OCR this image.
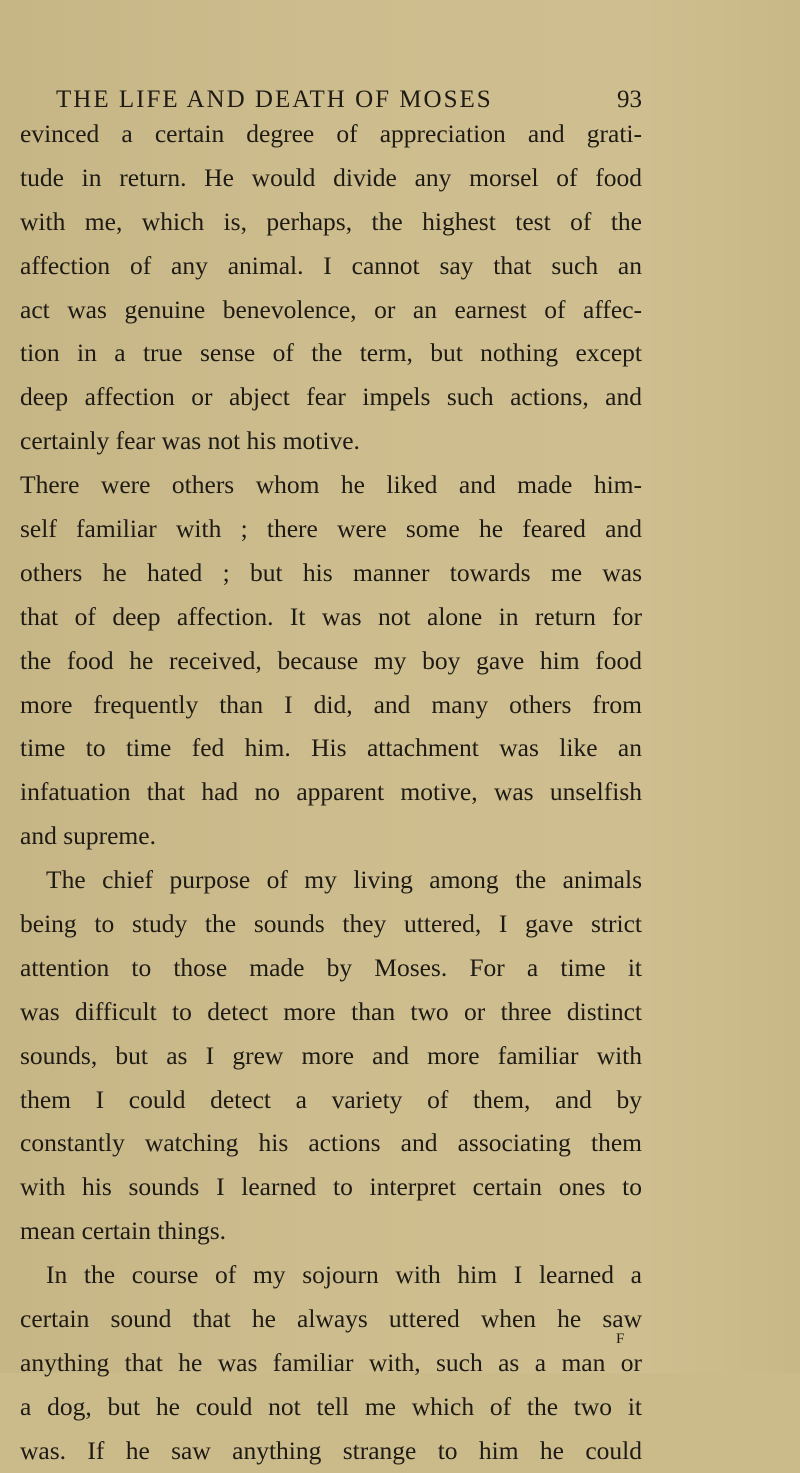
THE LIFE AND DEATH OF MOSES	93
evinced a certain degree of appreciation and grati-
tude in return. He would divide any morsel of food
with me, which is, perhaps, the highest test of the
affection of any animal. I cannot say that such an
act was genuine benevolence, or an earnest of affec-
tion in a true sense of the term, but nothing except
deep affection or abject fear impels such actions, and
certainly fear was not his motive.
There were others whom he liked and made him-
self familiar with ; there were some he feared and
others he hated ; but his manner towards me was
that of deep affection. It was not alone in return for
the food he received, because my boy gave him food
more frequently than I did, and many others from
time to time fed him. His attachment was like an
infatuation that had no apparent motive, was unselfish
and supreme.
The chief purpose of my living among the animals
being to study the sounds they uttered, I gave strict
attention to those made by Moses. For a time it
was difficult to detect more than two or three distinct
sounds, but as I grew more and more familiar with
them I could detect a variety of them, and by
constantly watching his actions and associating them
with his sounds I learned to interpret certain ones to
mean certain things.
In the course of my sojourn with him I learned a
certain sound that he always uttered when he saw
anything that he was familiar with, such as a man or
a dog, but he could not tell me which of the two it
was. If he saw anything strange to him he could
F
